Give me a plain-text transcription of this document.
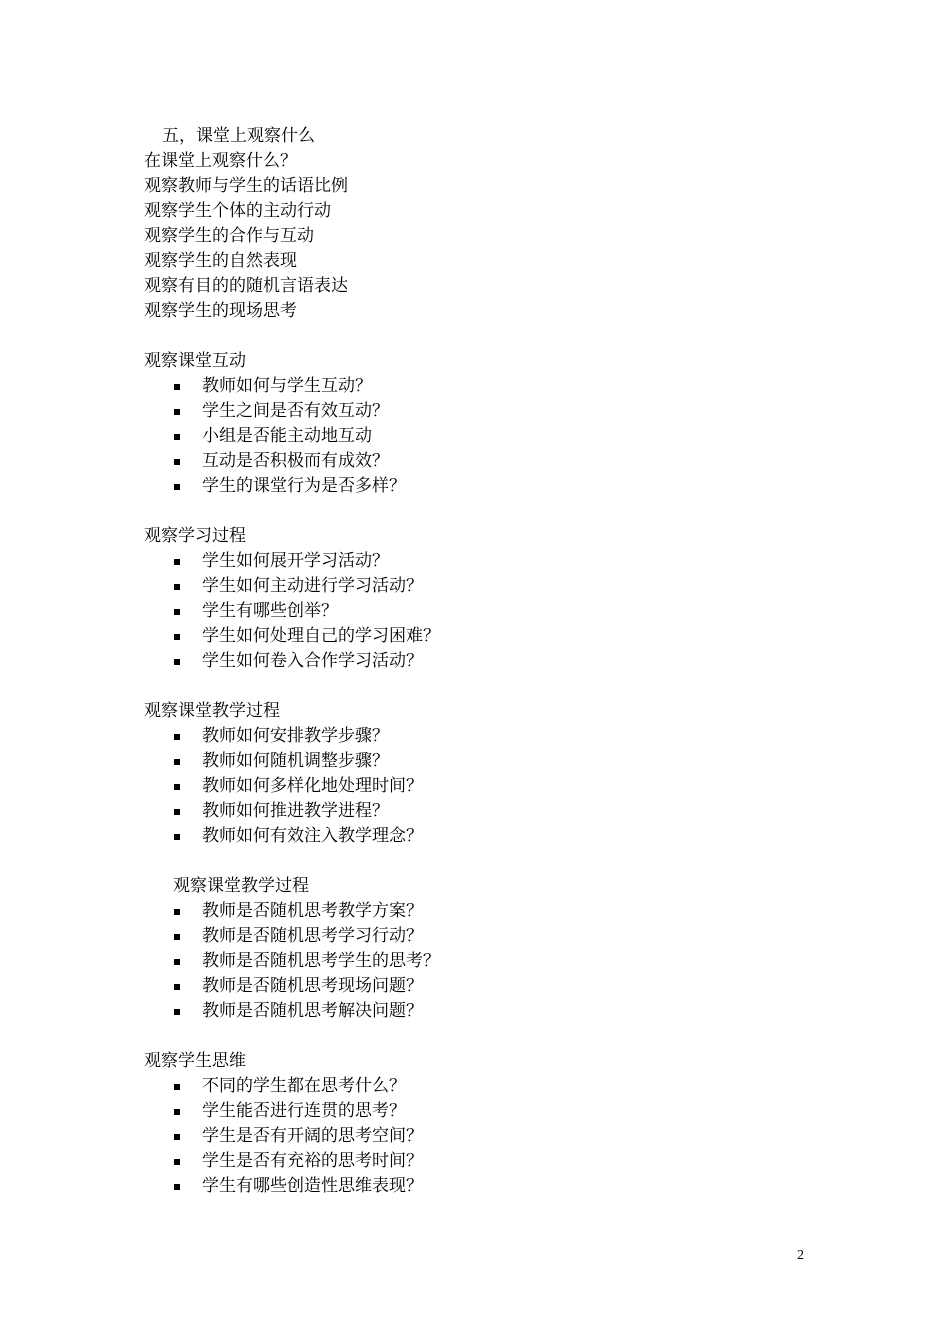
五，课堂上观察什么
在课堂上观察什么？
观察教师与学生的话语比例
观察学生个体的主动行动
观察学生的合作与互动
观察学生的自然表现
观察有目的的随机言语表达
观察学生的现场思考
观察课堂互动
教师如何与学生互动？
学生之间是否有效互动？
小组是否能主动地互动
互动是否积极而有成效？
学生的课堂行为是否多样？
观察学习过程
学生如何展开学习活动？
学生如何主动进行学习活动？
学生有哪些创举？
学生如何处理自己的学习困难？
学生如何卷入合作学习活动？
观察课堂教学过程
教师如何安排教学步骤？
教师如何随机调整步骤？
教师如何多样化地处理时间？
教师如何推进教学进程？
教师如何有效注入教学理念？
观察课堂教学过程
教师是否随机思考教学方案？
教师是否随机思考学习行动？
教师是否随机思考学生的思考？
教师是否随机思考现场问题？
教师是否随机思考解决问题？
观察学生思维
不同的学生都在思考什么？
学生能否进行连贯的思考？
学生是否有开阔的思考空间？
学生是否有充裕的思考时间？
学生有哪些创造性思维表现？
2
